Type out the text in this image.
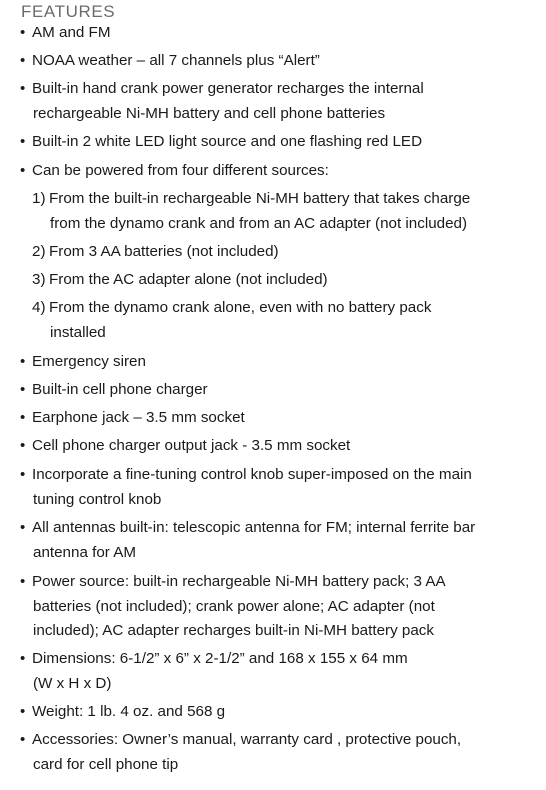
FEATURES
• AM and FM
• NOAA weather – all 7 channels plus “Alert”
• Built-in hand crank power generator recharges the internal
rechargeable Ni-MH battery and cell phone batteries
• Built-in 2 white LED light source and one flashing red LED
• Can be powered from four different sources:
1) From the built-in rechargeable Ni-MH battery that takes charge
from the dynamo crank and from an AC adapter (not included)
2) From 3 AA batteries (not included)
3) From the AC adapter alone (not included)
4) From the dynamo crank alone, even with no battery pack
installed
• Emergency siren
• Built-in cell phone charger
• Earphone jack – 3.5 mm socket
• Cell phone charger output jack - 3.5 mm socket
• Incorporate a fine-tuning control knob super-imposed on the main
tuning control knob
• All antennas built-in: telescopic antenna for FM; internal ferrite bar
antenna for AM
• Power source: built-in rechargeable Ni-MH battery pack; 3 AA
batteries (not included); crank power alone; AC adapter (not
included); AC adapter recharges built-in Ni-MH battery pack
• Dimensions: 6-1/2” x 6” x 2-1/2” and 168 x 155 x 64 mm
(W x H x D)
• Weight: 1 lb. 4 oz. and 568 g
• Accessories: Owner’s manual, warranty card , protective pouch,
card for cell phone tip
